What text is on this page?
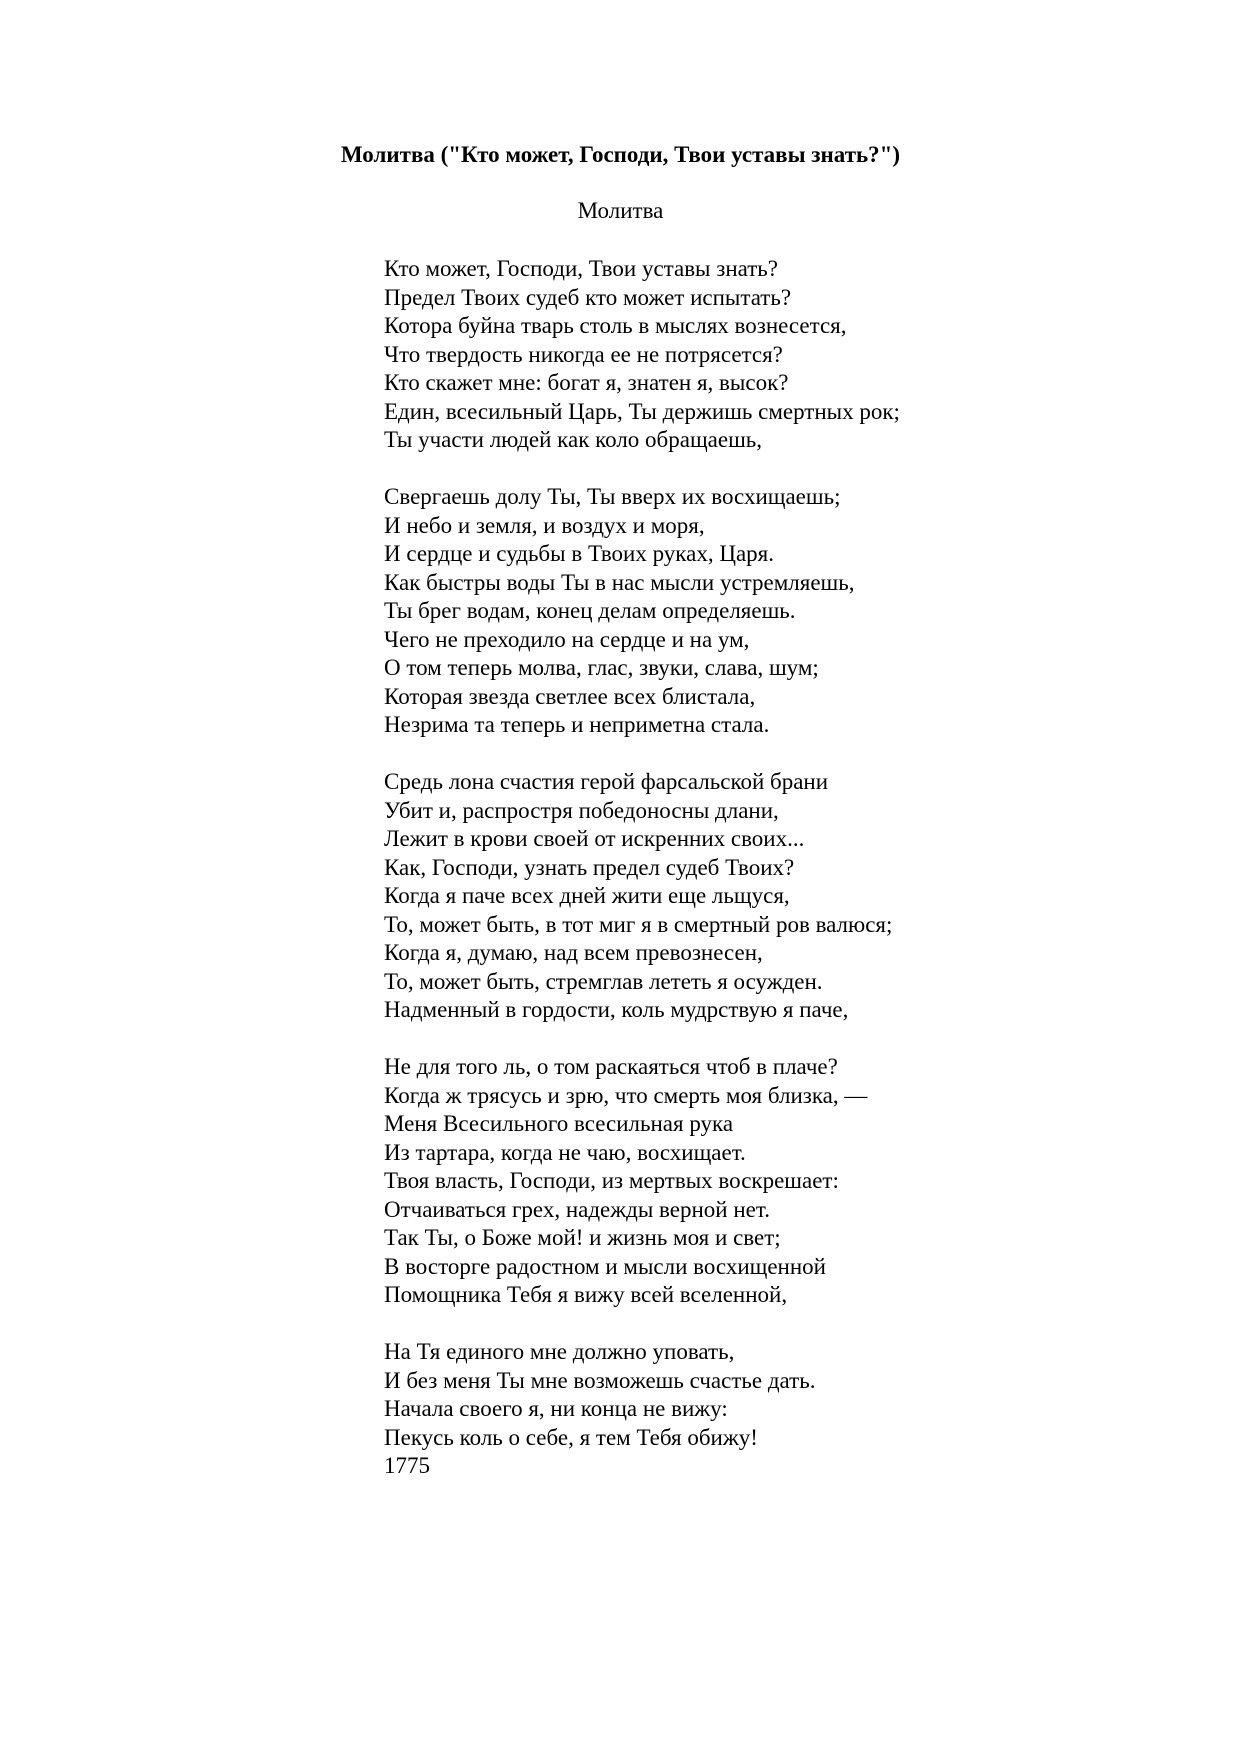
Молитва ("Кто может, Господи, Твои уставы знать?")
Молитва
Кто может, Господи, Твои уставы знать?
Предел Твоих судеб кто может испытать?
Котора буйна тварь столь в мыслях вознесется,
Что твердость никогда ее не потрясется?
Кто скажет мне: богат я, знатен я, высок?
Един, всесильный Царь, Ты держишь смертных рок;
Ты участи людей как коло обращаешь,
Свергаешь долу Ты, Ты вверх их восхищаешь;
И небо и земля, и воздух и моря,
И сердце и судьбы в Твоих руках, Царя.
Как быстры воды Ты в нас мысли устремляешь,
Ты брег водам, конец делам определяешь.
Чего не преходило на сердце и на ум,
О том теперь молва, глас, звуки, слава, шум;
Которая звезда светлее всех блистала,
Незрима та теперь и неприметна стала.
Средь лона счастия герой фарсальской брани
Убит и, распростря победоносны длани,
Лежит в крови своей от искренних своих...
Как, Господи, узнать предел судеб Твоих?
Когда я паче всех дней жити еще льщуся,
То, может быть, в тот миг я в смертный ров валюся;
Когда я, думаю, над всем превознесен,
То, может быть, стремглав лететь я осужден.
Надменный в гордости, коль мудрствую я паче,
Не для того ль, о том раскаяться чтоб в плаче?
Когда ж трясусь и зрю, что смерть моя близка, —
Меня Всесильного всесильная рука
Из тартара, когда не чаю, восхищает.
Твоя власть, Господи, из мертвых воскрешает:
Отчаиваться грех, надежды верной нет.
Так Ты, о Боже мой! и жизнь моя и свет;
В восторге радостном и мысли восхищенной
Помощника Тебя я вижу всей вселенной,
На Тя единого мне должно уповать,
И без меня Ты мне возможешь счастье дать.
Начала своего я, ни конца не вижу:
Пекусь коль о себе, я тем Тебя обижу!
1775
